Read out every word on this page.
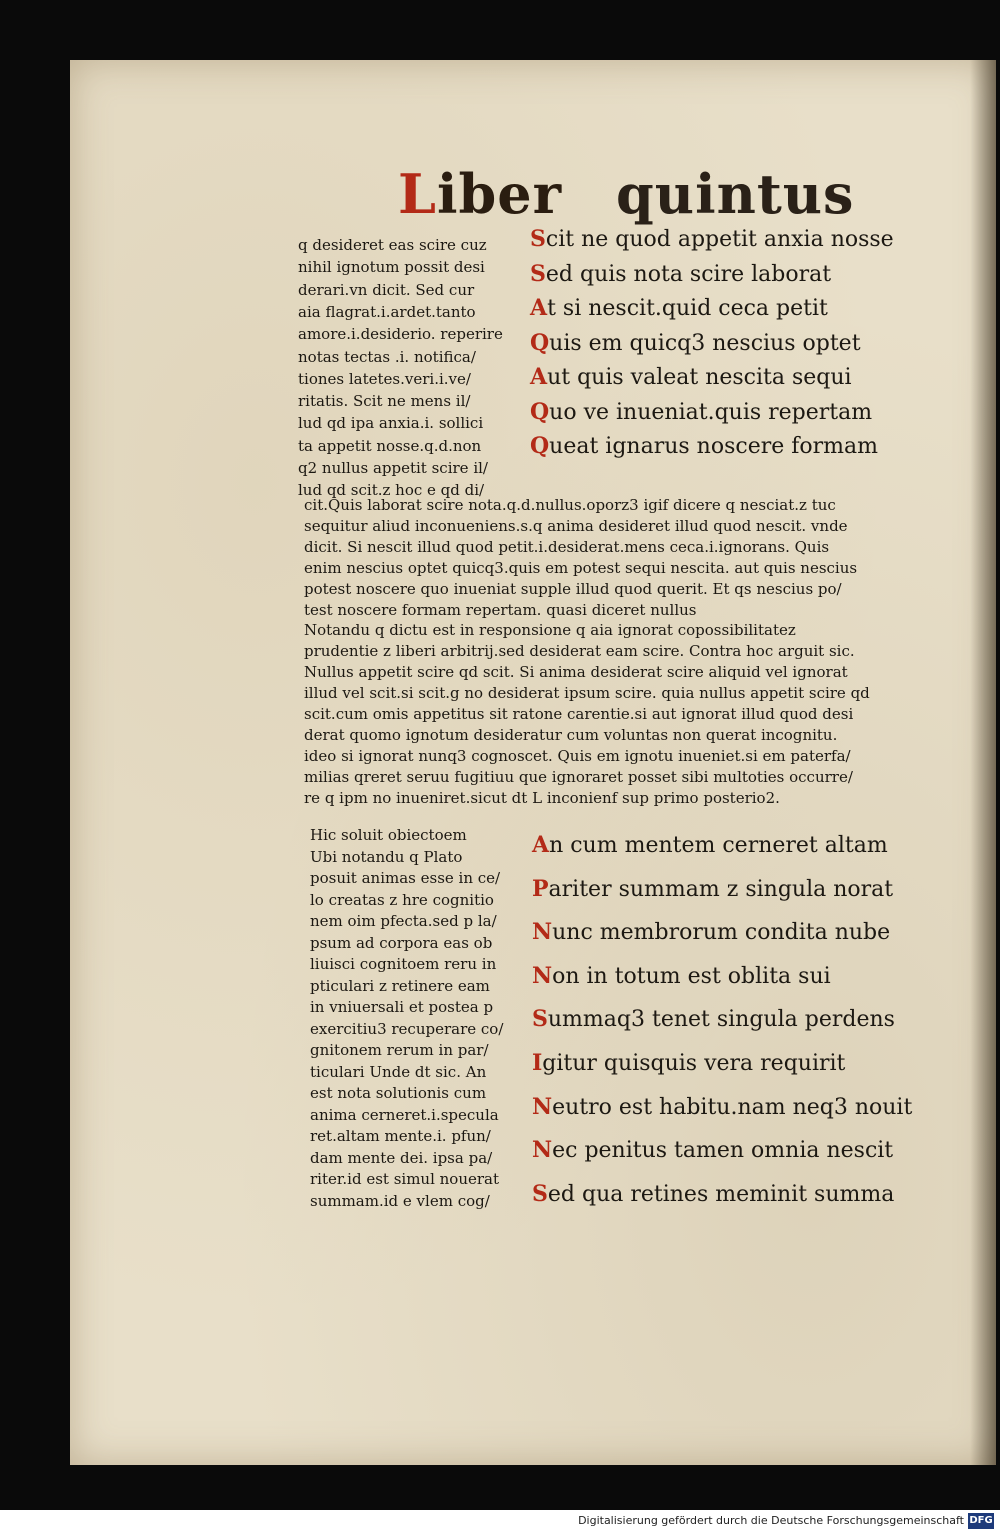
Liber quintus
q desideret eas scire cuz
nihil ignotum possit desi
derari.vn dicit. Sed cur
aia flagrat.i.ardet.tanto
amore.i.desiderio. reperire
notas tectas .i. notifica/
tiones latetes.veri.i.ve/
ritatis. Scit ne mens il/
lud qd ipa anxia.i. sollici
ta appetit nosse.q.d.non
q2 nullus appetit scire il/
lud qd scit.z hoc e qd di/
Scit ne quod appetit anxia nosse
Sed quis nota scire laborat
At si nescit.quid ceca petit
Quis em quicq3 nescius optet
Aut quis valeat nescita sequi
Quo ve inueniat.quis repertam
Queat ignarus noscere formam
cit.Quis laborat scire nota.q.d.nullus.oporz3 igif dicere q nesciat.z tuc
sequitur aliud inconueniens.s.q anima desideret illud quod nescit. vnde
dicit. Si nescit illud quod petit.i.desiderat.mens ceca.i.ignorans. Quis
enim nescius optet quicq3.quis em potest sequi nescita. aut quis nescius
potest noscere quo inueniat supple illud quod querit. Et qs nescius po/
test noscere formam repertam. quasi diceret nullus
Notandu q dictu est in responsione q aia ignorat copossibilitatez
prudentie z liberi arbitrij.sed desiderat eam scire. Contra hoc arguit sic.
Nullus appetit scire qd scit. Si anima desiderat scire aliquid vel ignorat
illud vel scit.si scit.g no desiderat ipsum scire. quia nullus appetit scire qd
scit.cum omis appetitus sit ratone carentie.si aut ignorat illud quod desi
derat quomo ignotum desideratur cum voluntas non querat incognitu.
ideo si ignorat nunq3 cognoscet. Quis em ignotu inueniet.si em paterfa/
milias qreret seruu fugitiuu que ignoraret posset sibi multoties occurre/
re q ipm no inueniret.sicut dt L inconienf sup primo posterio2.
Hic soluit obiectoem
Ubi notandu q Plato
posuit animas esse in ce/
lo creatas z hre cognitio
nem oim pfecta.sed p la/
psum ad corpora eas ob
liuisci cognitoem reru in
pticulari z retinere eam
in vniuersali et postea p
exercitiu3 recuperare co/
gnitonem rerum in par/
ticulari Unde dt sic. An
est nota solutionis cum
anima cerneret.i.specula
ret.altam mente.i. pfun/
dam mente dei. ipsa pa/
riter.id est simul nouerat
summam.id e vlem cog/
An cum mentem cerneret altam
Pariter summam z singula norat
Nunc membrorum condita nube
Non in totum est oblita sui
Summaq3 tenet singula perdens
Igitur quisquis vera requirit
Neutro est habitu.nam neq3 nouit
Nec penitus tamen omnia nescit
Sed qua retines meminit summa
Digitalisierung gefördert durch die Deutsche Forschungsgemeinschaft DFG
